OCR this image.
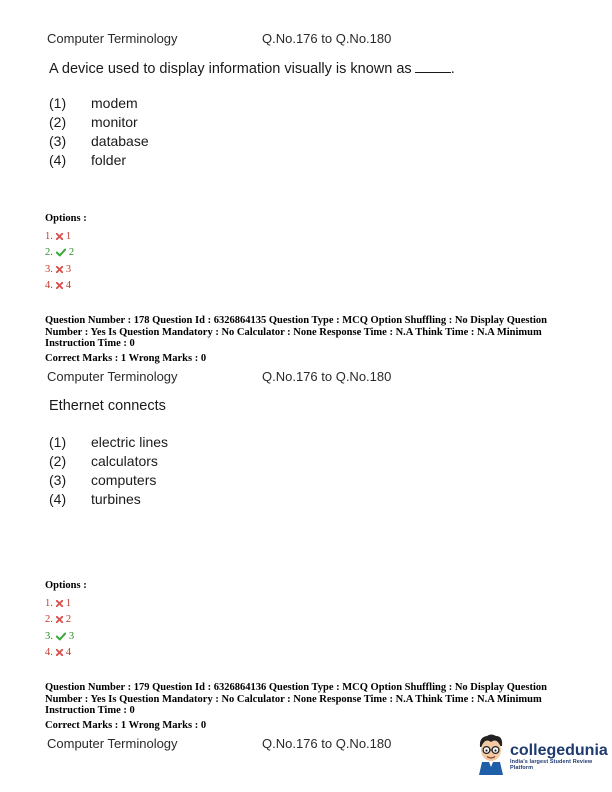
Computer Terminology	Q.No.176 to Q.No.180
A device used to display information visually is known as	.
(1)	modem
(2)	monitor
(3)	database
(4)	folder
Options :
1. 1
2. 2
3. 3
4. 4
Question Number : 178 Question Id : 6326864135 Question Type : MCQ Option Shuffling : No Display Question
Number : Yes Is Question Mandatory : No Calculator : None Response Time : N.A Think Time : N.A Minimum
Instruction Time : 0
Correct Marks : 1 Wrong Marks : 0
Computer Terminology	Q.No.176 to Q.No.180
Ethernet connects
(1)	electric lines
(2)	calculators
(3)	computers
(4)	turbines
Options :
1. 1
2. 2
3. 3
4. 4
Question Number : 179 Question Id : 6326864136 Question Type : MCQ Option Shuffling : No Display Question
Number : Yes Is Question Mandatory : No Calculator : None Response Time : N.A Think Time : N.A Minimum
Instruction Time : 0
Correct Marks : 1 Wrong Marks : 0
Computer Terminology	Q.No.176 to Q.No.180	collegedunia
India's largest Student Review Platform
